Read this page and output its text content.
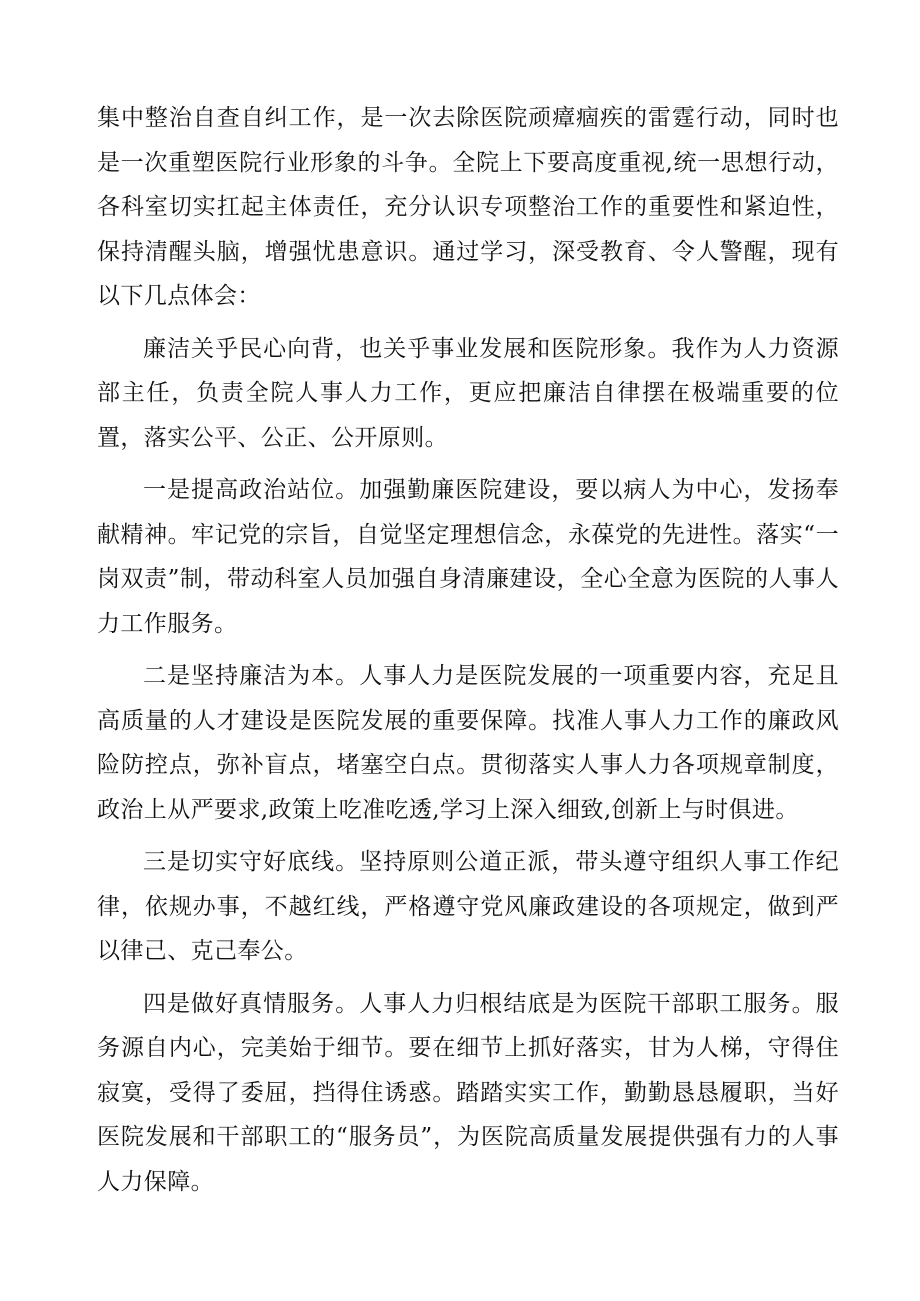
集中整治自查自纠工作，是一次去除医院顽瘴痼疾的雷霆行动，同时也是一次重塑医院行业形象的斗争。全院上下要高度重视,统一思想行动，各科室切实扛起主体责任，充分认识专项整治工作的重要性和紧迫性，保持清醒头脑，增强忧患意识。通过学习，深受教育、令人警醒，现有以下几点体会：

廉洁关乎民心向背，也关乎事业发展和医院形象。我作为人力资源部主任，负责全院人事人力工作，更应把廉洁自律摆在极端重要的位置，落实公平、公正、公开原则。

一是提高政治站位。加强勤廉医院建设，要以病人为中心，发扬奉献精神。牢记党的宗旨，自觉坚定理想信念，永葆党的先进性。落实“一岗双责”制，带动科室人员加强自身清廉建设，全心全意为医院的人事人力工作服务。

二是坚持廉洁为本。人事人力是医院发展的一项重要内容，充足且高质量的人才建设是医院发展的重要保障。找准人事人力工作的廉政风险防控点，弥补盲点，堵塞空白点。贯彻落实人事人力各项规章制度，政治上从严要求,政策上吃准吃透,学习上深入细致,创新上与时俱进。

三是切实守好底线。坚持原则公道正派，带头遵守组织人事工作纪律，依规办事，不越红线，严格遵守党风廉政建设的各项规定，做到严以律己、克己奉公。

四是做好真情服务。人事人力归根结底是为医院干部职工服务。服务源自内心，完美始于细节。要在细节上抓好落实，甘为人梯，守得住寂寞，受得了委屈，挡得住诱惑。踏踏实实工作，勤勤恳恳履职，当好医院发展和干部职工的“服务员”，为医院高质量发展提供强有力的人事人力保障。
